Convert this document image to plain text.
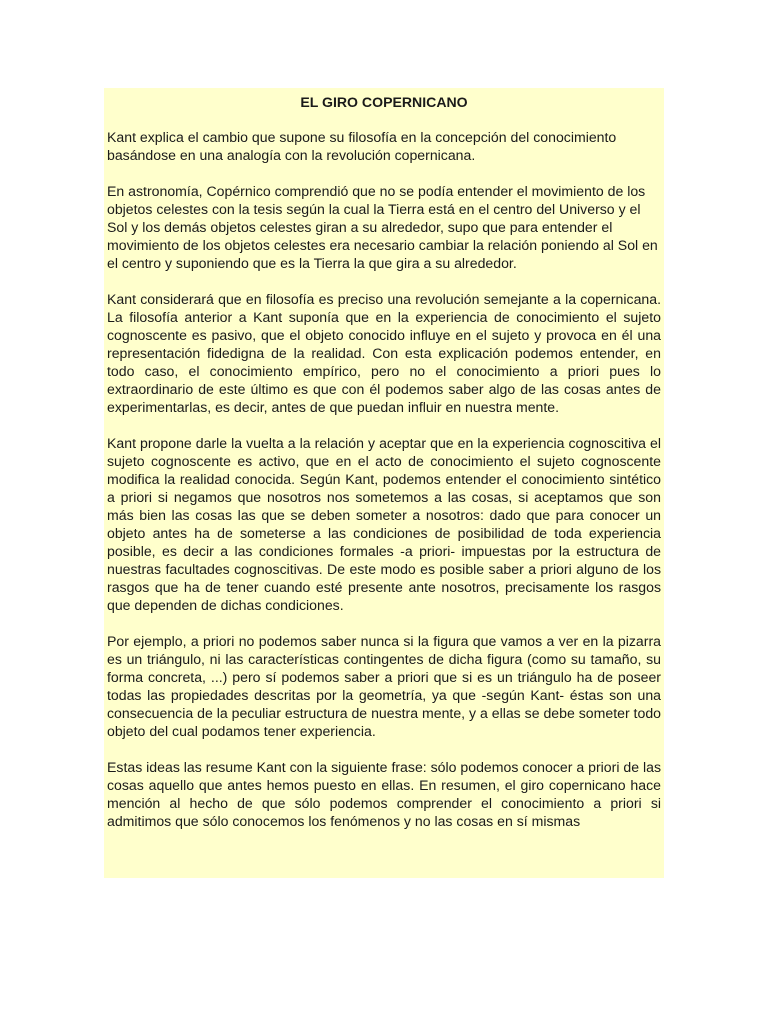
EL GIRO COPERNICANO

Kant explica el cambio que supone su filosofía en la concepción del conocimiento basándose en una analogía con la revolución copernicana.

En astronomía, Copérnico comprendió que no se podía entender el movimiento de los objetos celestes con la tesis según la cual la Tierra está en el centro del Universo y el Sol y los demás objetos celestes giran a su alrededor, supo que para entender el movimiento de los objetos celestes era necesario cambiar la relación poniendo al Sol en el centro y suponiendo que es la Tierra la que gira a su alrededor.

Kant considerará que en filosofía es preciso una revolución semejante a la copernicana. La filosofía anterior a Kant suponía que en la experiencia de conocimiento el sujeto cognoscente es pasivo, que el objeto conocido influye en el sujeto y provoca en él una representación fidedigna de la realidad. Con esta explicación podemos entender, en todo caso, el conocimiento empírico, pero no el conocimiento a priori pues lo extraordinario de este último es que con él podemos saber algo de las cosas antes de experimentarlas, es decir, antes de que puedan influir en nuestra mente.

Kant propone darle la vuelta a la relación y aceptar que en la experiencia cognoscitiva el sujeto cognoscente es activo, que en el acto de conocimiento el sujeto cognoscente modifica la realidad conocida. Según Kant, podemos entender el conocimiento sintético a priori si negamos que nosotros nos sometemos a las cosas, si aceptamos que son más bien las cosas las que se deben someter a nosotros: dado que para conocer un objeto antes ha de someterse a las condiciones de posibilidad de toda experiencia posible, es decir a las condiciones formales -a priori- impuestas por la estructura de nuestras facultades cognoscitivas. De este modo es posible saber a priori alguno de los rasgos que ha de tener cuando esté presente ante nosotros, precisamente los rasgos que dependen de dichas condiciones.

Por ejemplo, a priori no podemos saber nunca si la figura que vamos a ver en la pizarra es un triángulo, ni las características contingentes de dicha figura (como su tamaño, su forma concreta, ...) pero sí podemos saber a priori que si es un triángulo ha de poseer todas las propiedades descritas por la geometría, ya que -según Kant- éstas son una consecuencia de la peculiar estructura de nuestra mente, y a ellas se debe someter todo objeto del cual podamos tener experiencia.

Estas ideas las resume Kant con la siguiente frase: sólo podemos conocer a priori de las cosas aquello que antes hemos puesto en ellas. En resumen, el giro copernicano hace mención al hecho de que sólo podemos comprender el conocimiento a priori si admitimos que sólo conocemos los fenómenos y no las cosas en sí mismas
